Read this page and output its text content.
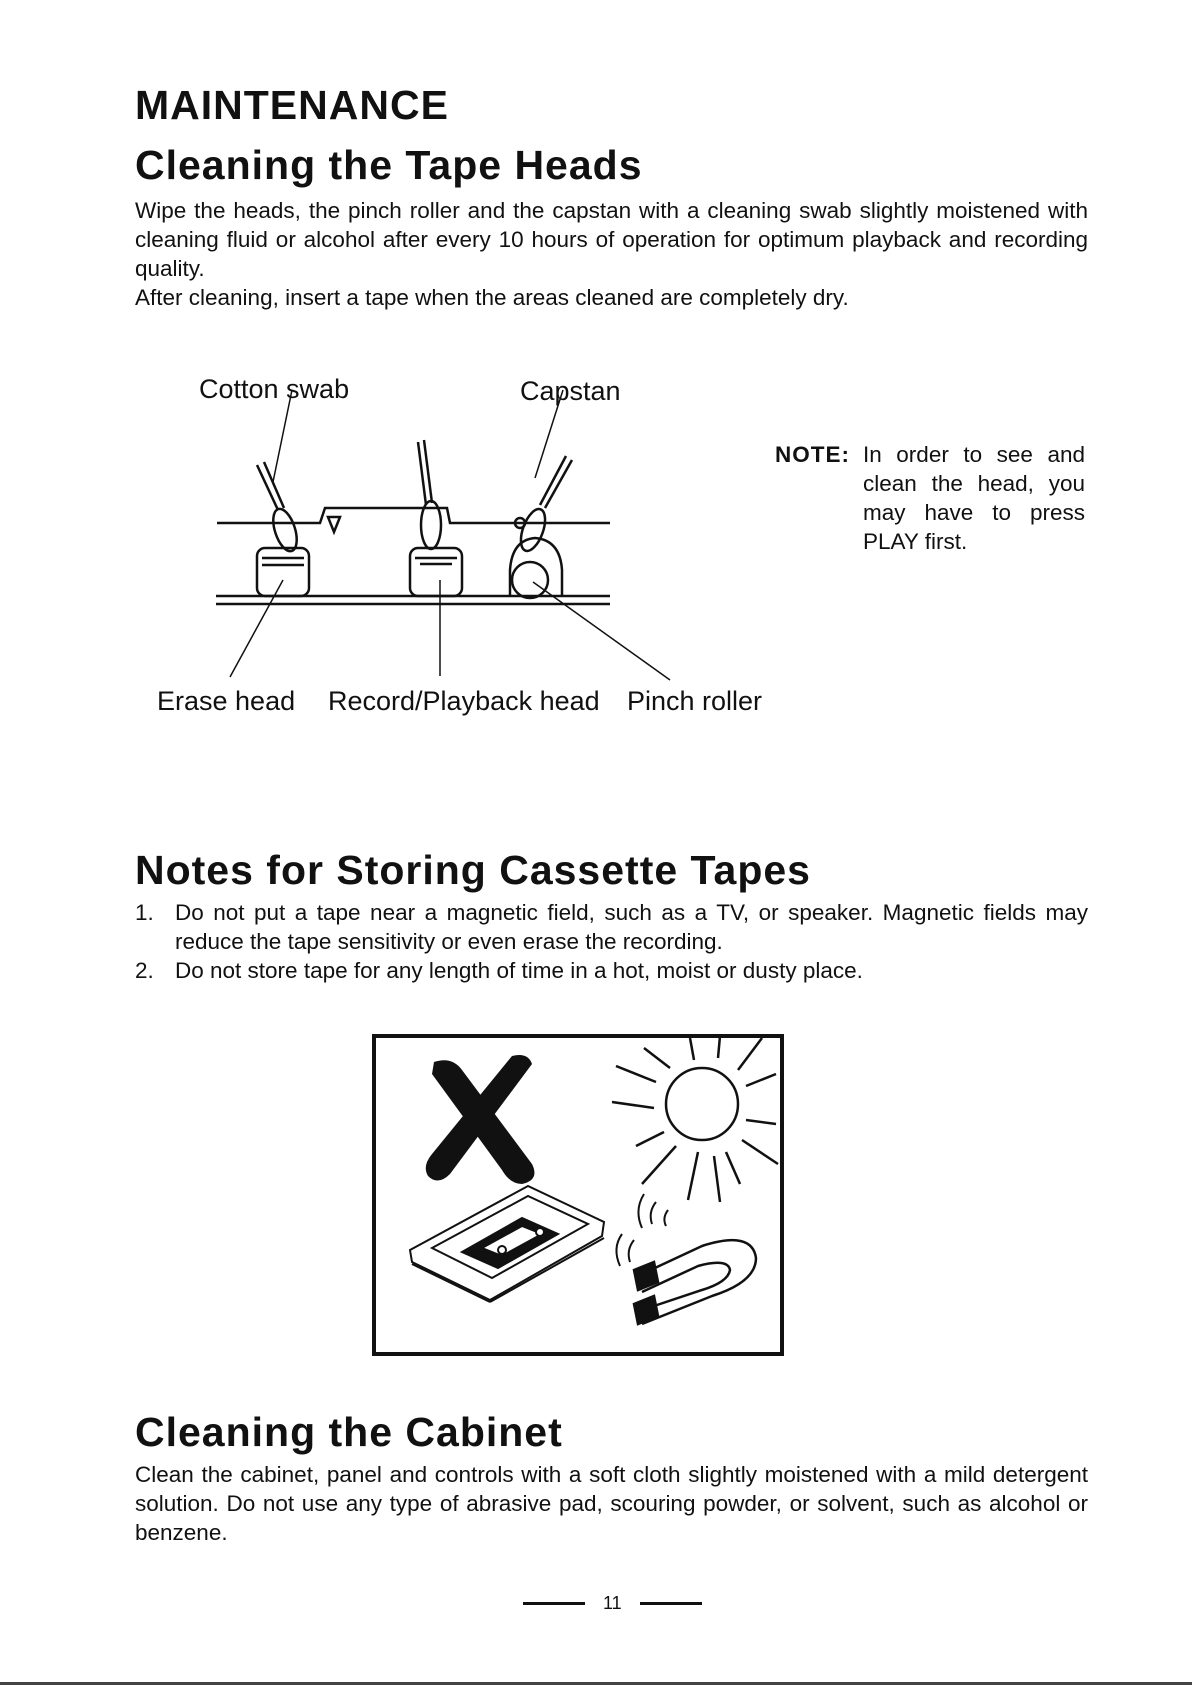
MAINTENANCE
Cleaning the Tape Heads

Wipe the heads, the pinch roller and the capstan with a cleaning swab slightly moistened with cleaning fluid or alcohol after every 10 hours of operation for optimum playback and recording quality.

After cleaning, insert a tape when the areas cleaned are completely dry.

Cotton swab	Capstan
Erase head Record/Playback head Pinch roller
NOTE: In order to see and clean the head, you may have to press PLAY first.
Notes for Storing Cassette Tapes
1. Do not put a tape near a magnetic field, such as a TV, or speaker. Magnetic fields may reduce the tape sensitivity or even erase the recording.
2. Do not store tape for any length of time in a hot, moist or dusty place.
Cleaning the Cabinet

Clean the cabinet, panel and controls with a soft cloth slightly moistened with a mild detergent solution. Do not use any type of abrasive pad, scouring powder, or solvent, such as alcohol or benzene.

11
